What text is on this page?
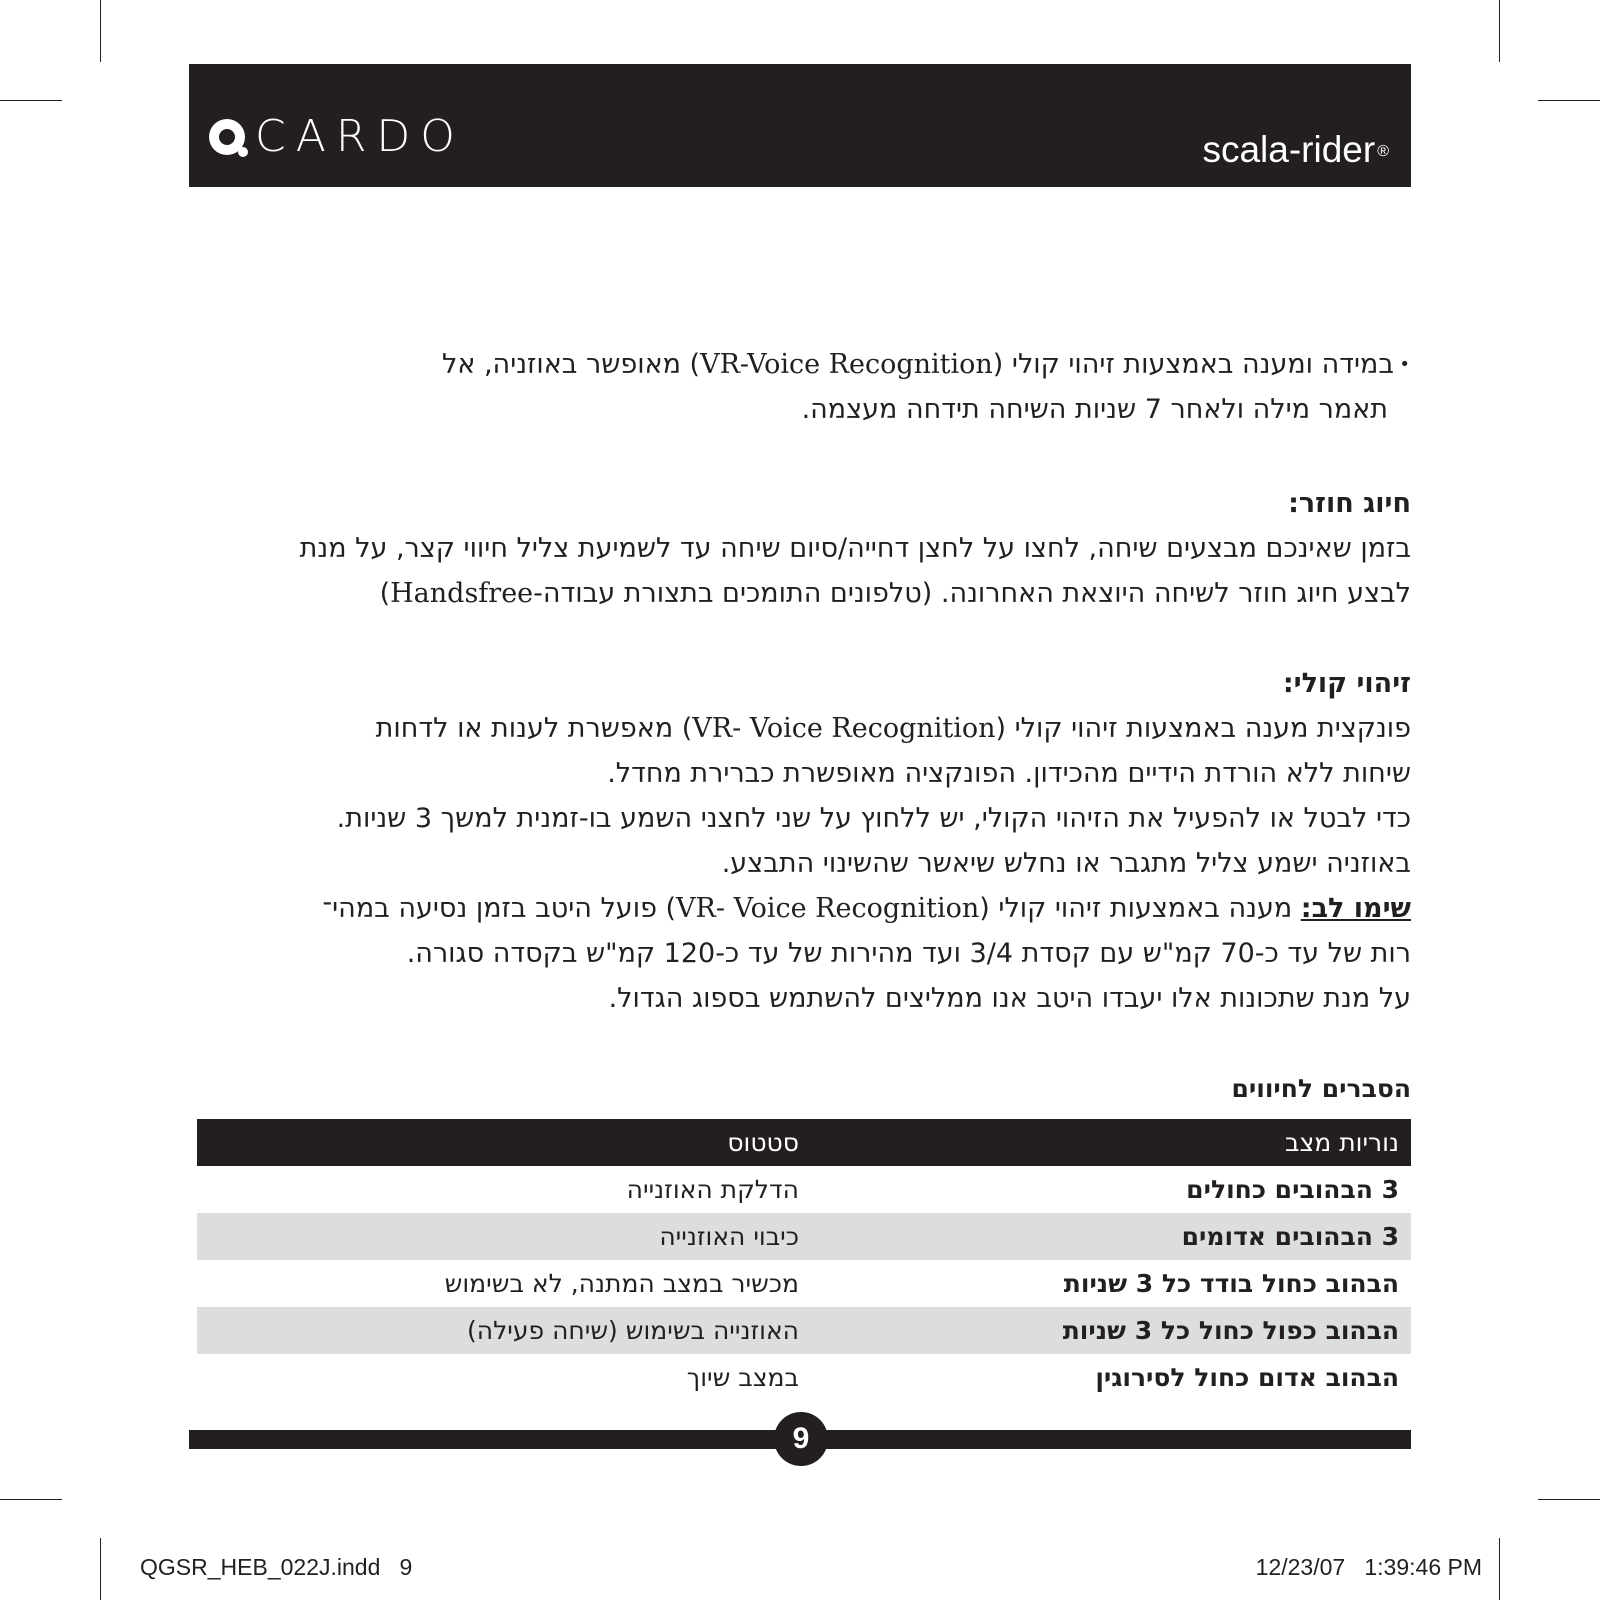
CARDO	scala-rider ®

•
במידה ומענה באמצעות זיהוי קולי (VR-Voice Recognition) מאופשר באוזניה, אל

תאמר מילה ולאחר 7 שניות השיחה תידחה מעצמה.

חיוג חוזר:

בזמן שאינכם מבצעים שיחה, לחצו על לחצן דחייה/סיום שיחה עד לשמיעת צליל חיווי קצר, על מנת

לבצע חיוג חוזר לשיחה היוצאת האחרונה. (טלפונים התומכים בתצורת עבודה-Handsfree)

זיהוי קולי:

פונקצית מענה באמצעות זיהוי קולי (VR- Voice Recognition) מאפשרת לענות או לדחות

שיחות ללא הורדת הידיים מהכידון. הפונקציה מאופשרת כברירת מחדל.

כדי לבטל או להפעיל את הזיהוי הקולי, יש ללחוץ על שני לחצני השמע בו-זמנית למשך 3 שניות.

באוזניה ישמע צליל מתגבר או נחלש שיאשר שהשינוי התבצע.

שימו לב: מענה באמצעות זיהוי קולי (VR- Voice Recognition) פועל היטב בזמן נסיעה במהי־

רות של עד כ-70 קמ"ש עם קסדת 3/4 ועד מהירות של עד כ-120 קמ"ש בקסדה סגורה.

על מנת שתכונות אלו יעבדו היטב אנו ממליצים להשתמש בספוג הגדול.

הסברים לחיווים
נוריות מצב
סטטוס
3 הבהובים כחולים
הדלקת האוזנייה
3 הבהובים אדומים
כיבוי האוזנייה
הבהוב כחול בודד כל 3 שניות
מכשיר במצב המתנה, לא בשימוש
הבהוב כפול כחול כל 3 שניות
האוזנייה בשימוש (שיחה פעילה)
הבהוב אדום כחול לסירוגין
במצב שיוך
9
QGSR_HEB_022J.indd   9	12/23/07   1:39:46 PM
